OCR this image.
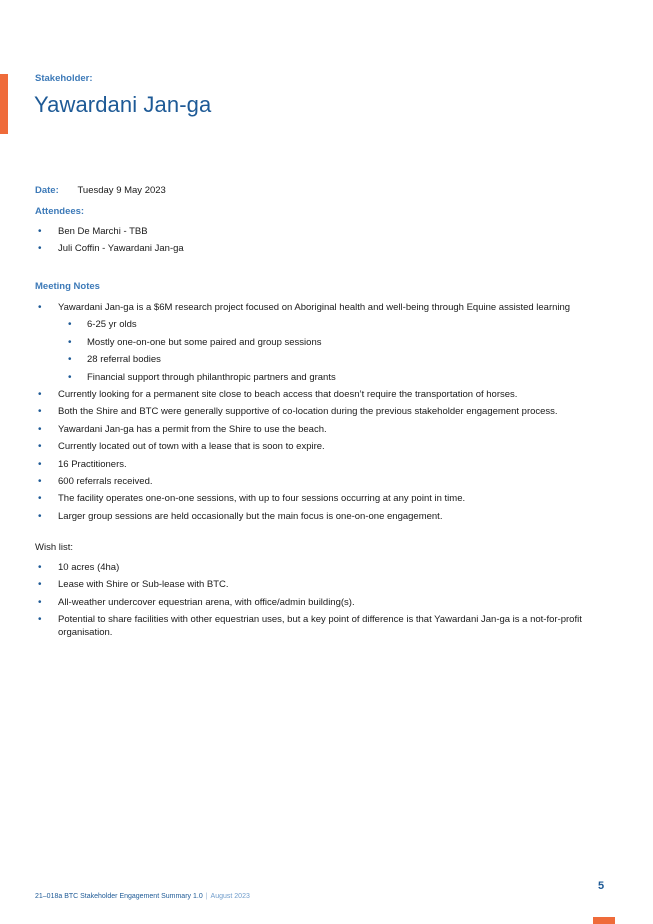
Stakeholder:
Yawardani Jan-ga
Date: Tuesday 9 May 2023
Attendees:
• Ben De Marchi - TBB
• Juli Coffin - Yawardani Jan-ga
Meeting Notes
• Yawardani Jan-ga is a $6M research project focused on Aboriginal health and well-being through Equine assisted learning
• 6-25 yr olds
• Mostly one-on-one but some paired and group sessions
• 28 referral bodies
• Financial support through philanthropic partners and grants
• Currently looking for a permanent site close to beach access that doesn’t require the transportation of horses.
• Both the Shire and BTC were generally supportive of co-location during the previous stakeholder engagement process.
• Yawardani Jan-ga has a permit from the Shire to use the beach.
• Currently located out of town with a lease that is soon to expire.
• 16 Practitioners.
• 600 referrals received.
• The facility operates one-on-one sessions, with up to four sessions occurring at any point in time.
• Larger group sessions are held occasionally but the main focus is one-on-one engagement.
Wish list:
• 10 acres (4ha)
• Lease with Shire or Sub-lease with BTC.
• All-weather undercover equestrian arena, with office/admin building(s).
• Potential to share facilities with other equestrian uses, but a key point of difference is that Yawardani Jan-ga is a not-for-profit organisation.
21–018a BTC Stakeholder Engagement Summary 1.0 | August 2023
5
